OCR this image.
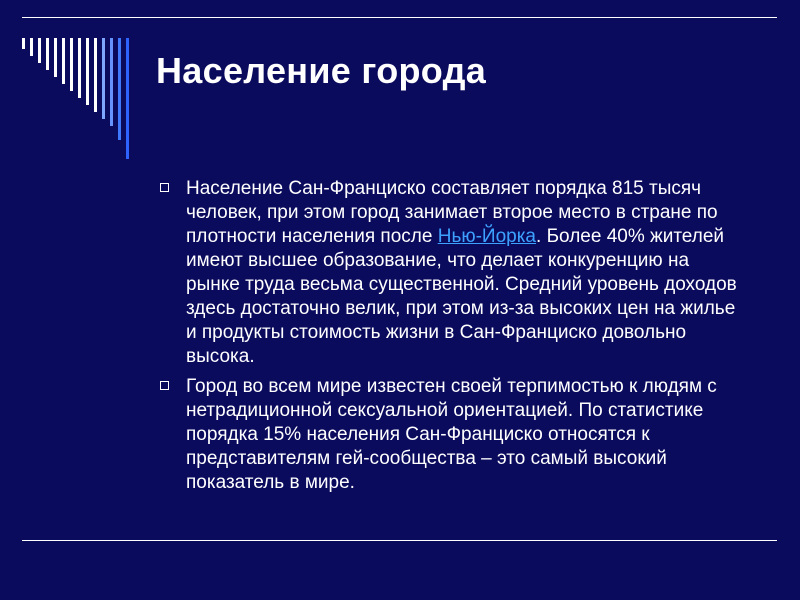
Население города
Население Сан-Франциско составляет порядка 815 тысяч человек, при этом город занимает второе место в стране по плотности населения после Нью-Йорка. Более 40% жителей имеют высшее образование, что делает конкуренцию на рынке труда весьма существенной. Средний уровень доходов здесь достаточно велик, при этом из-за высоких цен на жилье и продукты стоимость жизни в Сан-Франциско довольно высока.
Город во всем мире известен своей терпимостью к людям с нетрадиционной сексуальной ориентацией. По статистике порядка 15% населения Сан-Франциско относятся к представителям гей-сообщества – это самый высокий показатель в мире.
